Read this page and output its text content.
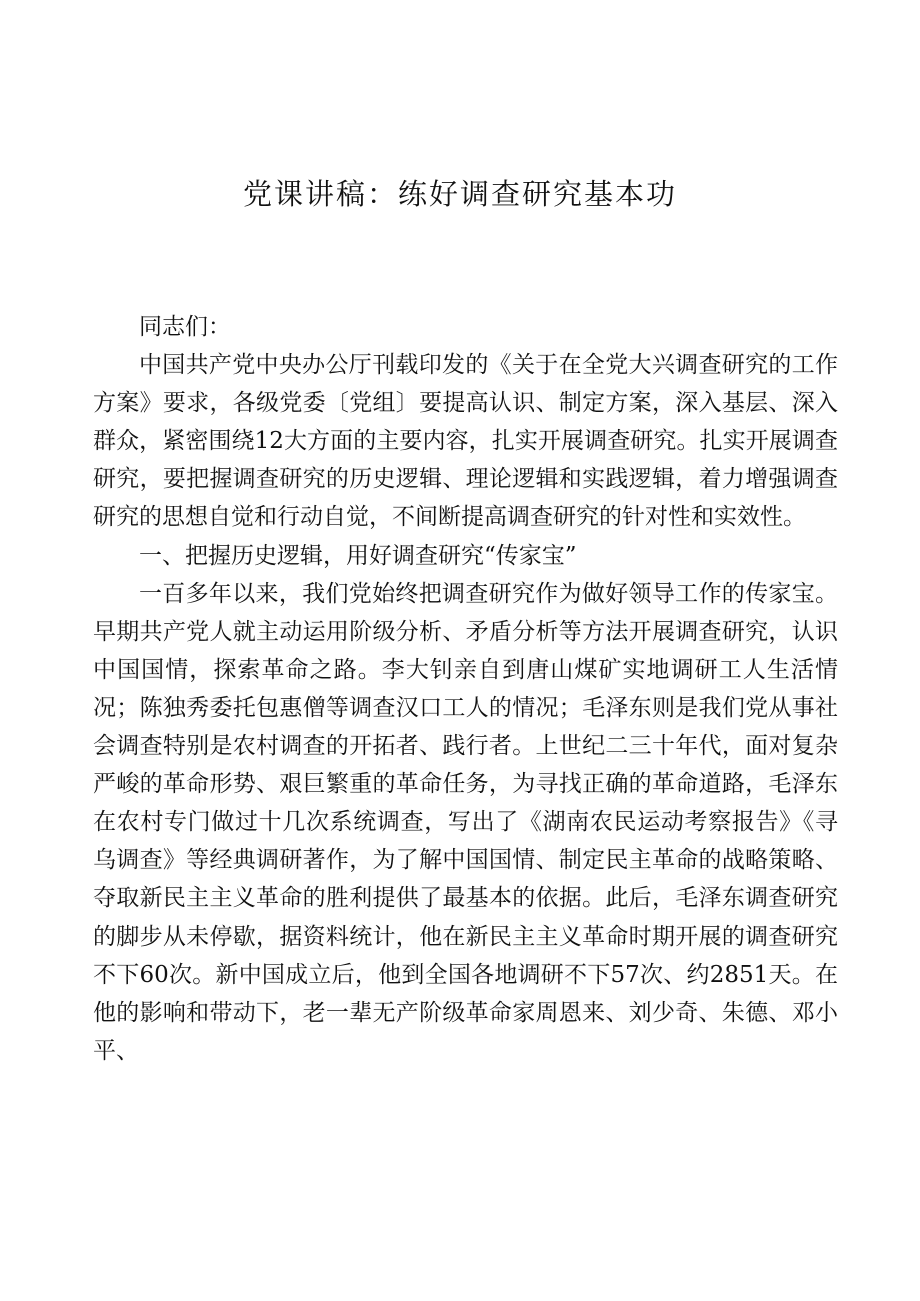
党课讲稿：练好调查研究基本功

同志们：

中国共产党中央办公厅刊载印发的《关于在全党大兴调查研究的工作方案》要求，各级党委〔党组〕要提高认识、制定方案，深入基层、深入群众，紧密围绕12大方面的主要内容，扎实开展调查研究。扎实开展调查研究，要把握调查研究的历史逻辑、理论逻辑和实践逻辑，着力增强调查研究的思想自觉和行动自觉，不间断提高调查研究的针对性和实效性。

一、把握历史逻辑，用好调查研究“传家宝”

一百多年以来，我们党始终把调查研究作为做好领导工作的传家宝。早期共产党人就主动运用阶级分析、矛盾分析等方法开展调查研究，认识中国国情，探索革命之路。李大钊亲自到唐山煤矿实地调研工人生活情况；陈独秀委托包惠僧等调查汉口工人的情况；毛泽东则是我们党从事社会调查特别是农村调查的开拓者、践行者。上世纪二三十年代，面对复杂严峻的革命形势、艰巨繁重的革命任务，为寻找正确的革命道路，毛泽东在农村专门做过十几次系统调查，写出了《湖南农民运动考察报告》《寻乌调查》等经典调研著作，为了解中国国情、制定民主革命的战略策略、夺取新民主主义革命的胜利提供了最基本的依据。此后，毛泽东调查研究的脚步从未停歇，据资料统计，他在新民主主义革命时期开展的调查研究不下60次。新中国成立后，他到全国各地调研不下57次、约2851天。在他的影响和带动下，老一辈无产阶级革命家周恩来、刘少奇、朱德、邓小平、
